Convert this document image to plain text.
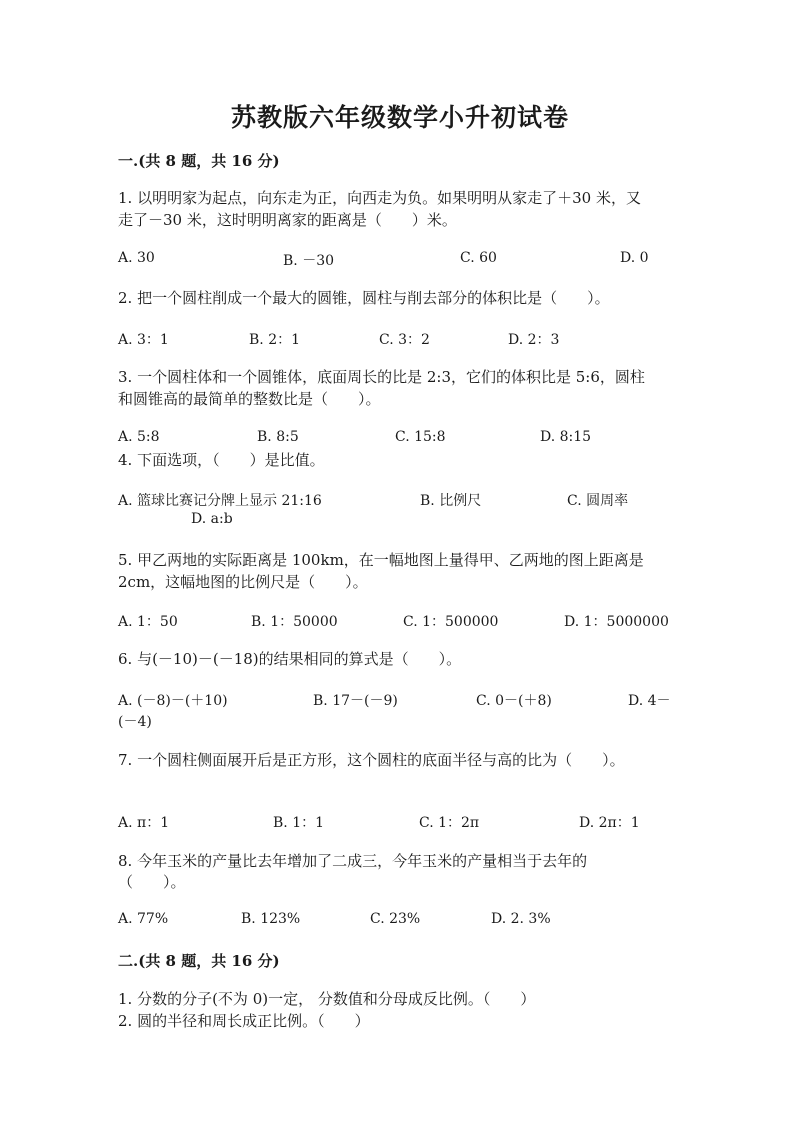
苏教版六年级数学小升初试卷
一.(共 8 题，共 16 分)
1. 以明明家为起点，向东走为正，向西走为负。如果明明从家走了＋30 米，又
走了－30 米，这时明明离家的距离是（　　）米。
A. 30	B. －30	C. 60	D. 0
2. 把一个圆柱削成一个最大的圆锥，圆柱与削去部分的体积比是（　　）。
A. 3：1	B. 2：1	C. 3：2	D. 2：3
3. 一个圆柱体和一个圆锥体，底面周长的比是 2:3，它们的体积比是 5:6，圆柱
和圆锥高的最简单的整数比是（　　）。
A. 5:8	B. 8:5	C. 15:8	D. 8:15
4. 下面选项，（　　）是比值。
A. 篮球比赛记分牌上显示 21:16	B. 比例尺	C. 圆周率
D. a:b
5. 甲乙两地的实际距离是 100km，在一幅地图上量得甲、乙两地的图上距离是
2cm，这幅地图的比例尺是（　　）。
A. 1：50	B. 1：50000	C. 1：500000	D. 1：5000000
6. 与(－10)－(－18)的结果相同的算式是（　　）。
A. (－8)－(＋10)	B. 17－(－9)	C. 0－(＋8)	D. 4－
(－4)
7. 一个圆柱侧面展开后是正方形，这个圆柱的底面半径与高的比为（　　）。
A. π：1	B. 1：1	C. 1：2π	D. 2π：1
8. 今年玉米的产量比去年增加了二成三，今年玉米的产量相当于去年的
（　　）。
A. 77%	B. 123%	C. 23%	D. 2. 3%
二.(共 8 题，共 16 分)
1. 分数的分子(不为 0)一定， 分数值和分母成反比例。（　　）
2. 圆的半径和周长成正比例。（　　）
